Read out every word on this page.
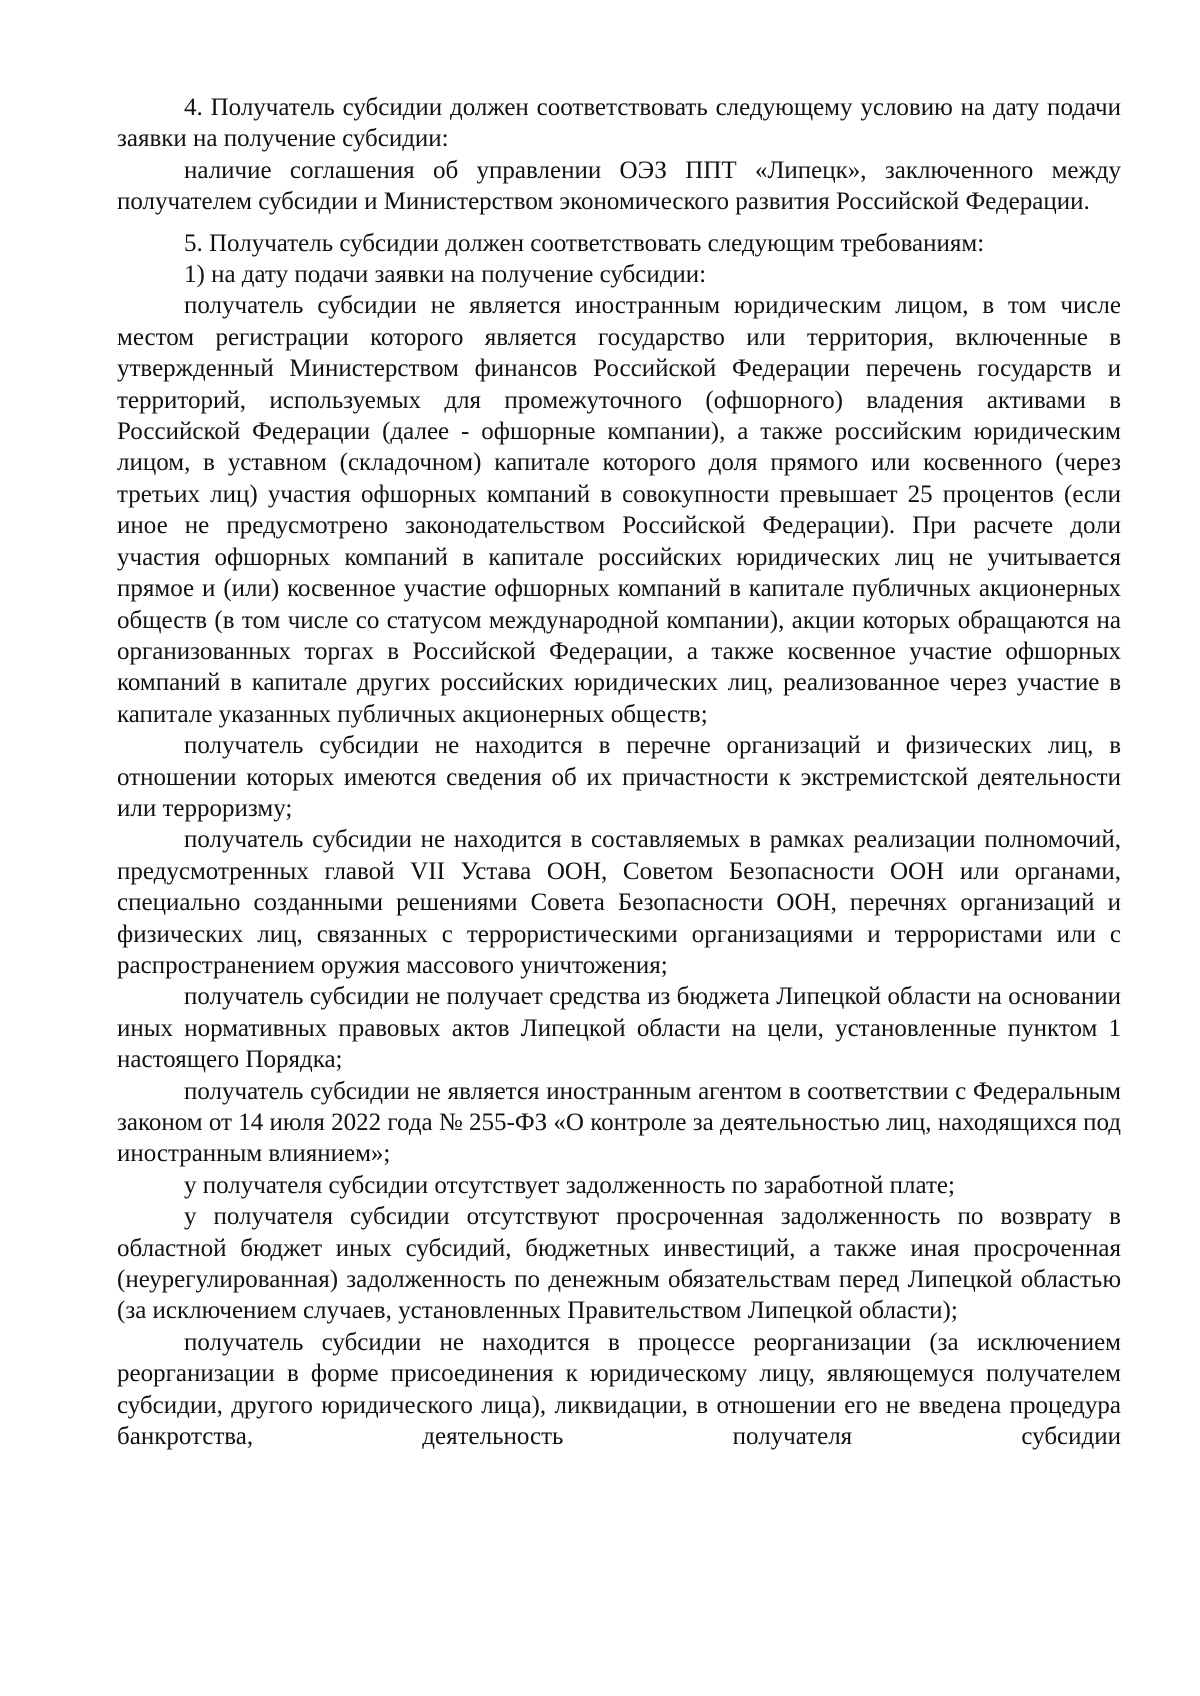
4. Получатель субсидии должен соответствовать следующему условию на дату подачи заявки на получение субсидии:

наличие соглашения об управлении ОЭЗ ППТ «Липецк», заключенного между получателем субсидии и Министерством экономического развития Российской Федерации.

5. Получатель субсидии должен соответствовать следующим требованиям:

1) на дату подачи заявки на получение субсидии:

получатель субсидии не является иностранным юридическим лицом, в том числе местом регистрации которого является государство или территория, включенные в утвержденный Министерством финансов Российской Федерации перечень государств и территорий, используемых для промежуточного (офшорного) владения активами в Российской Федерации (далее - офшорные компании), а также российским юридическим лицом, в уставном (складочном) капитале которого доля прямого или косвенного (через третьих лиц) участия офшорных компаний в совокупности превышает 25 процентов (если иное не предусмотрено законодательством Российской Федерации). При расчете доли участия офшорных компаний в капитале российских юридических лиц не учитывается прямое и (или) косвенное участие офшорных компаний в капитале публичных акционерных обществ (в том числе со статусом международной компании), акции которых обращаются на организованных торгах в Российской Федерации, а также косвенное участие офшорных компаний в капитале других российских юридических лиц, реализованное через участие в капитале указанных публичных акционерных обществ;

получатель субсидии не находится в перечне организаций и физических лиц, в отношении которых имеются сведения об их причастности к экстремистской деятельности или терроризму;

получатель субсидии не находится в составляемых в рамках реализации полномочий, предусмотренных главой VII Устава ООН, Советом Безопасности ООН или органами, специально созданными решениями Совета Безопасности ООН, перечнях организаций и физических лиц, связанных с террористическими организациями и террористами или с распространением оружия массового уничтожения;

получатель субсидии не получает средства из бюджета Липецкой области на основании иных нормативных правовых актов Липецкой области на цели, установленные пунктом 1 настоящего Порядка;

получатель субсидии не является иностранным агентом в соответствии с Федеральным законом от 14 июля 2022 года № 255-ФЗ «О контроле за деятельностью лиц, находящихся под иностранным влиянием»;

у получателя субсидии отсутствует задолженность по заработной плате;

у получателя субсидии отсутствуют просроченная задолженность по возврату в областной бюджет иных субсидий, бюджетных инвестиций, а также иная просроченная (неурегулированная) задолженность по денежным обязательствам перед Липецкой областью (за исключением случаев, установленных Правительством Липецкой области);

получатель субсидии не находится в процессе реорганизации (за исключением реорганизации в форме присоединения к юридическому лицу, являющемуся получателем субсидии, другого юридического лица), ликвидации, в отношении его не введена процедура банкротства, деятельность получателя субсидии
